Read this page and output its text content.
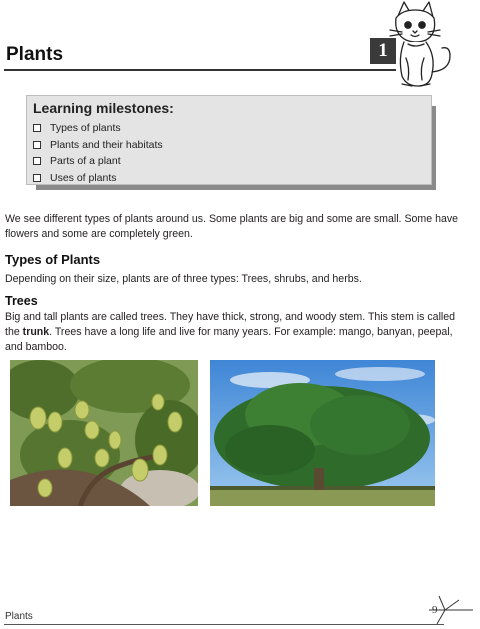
Plants	1
Learning milestones:
Types of plants
Plants and their habitats
Parts of a plant
Uses of plants

We see different types of plants around us. Some plants are big and some are small. Some have flowers and some are completely green.

Types of Plants

Depending on their size, plants are of three types: Trees, shrubs, and herbs.

Trees

Big and tall plants are called trees. They have thick, strong, and woody stem. This stem is called the trunk. Trees have a long life and live for many years. For example: mango, banyan, peepal, and bamboo.

Plants
9
